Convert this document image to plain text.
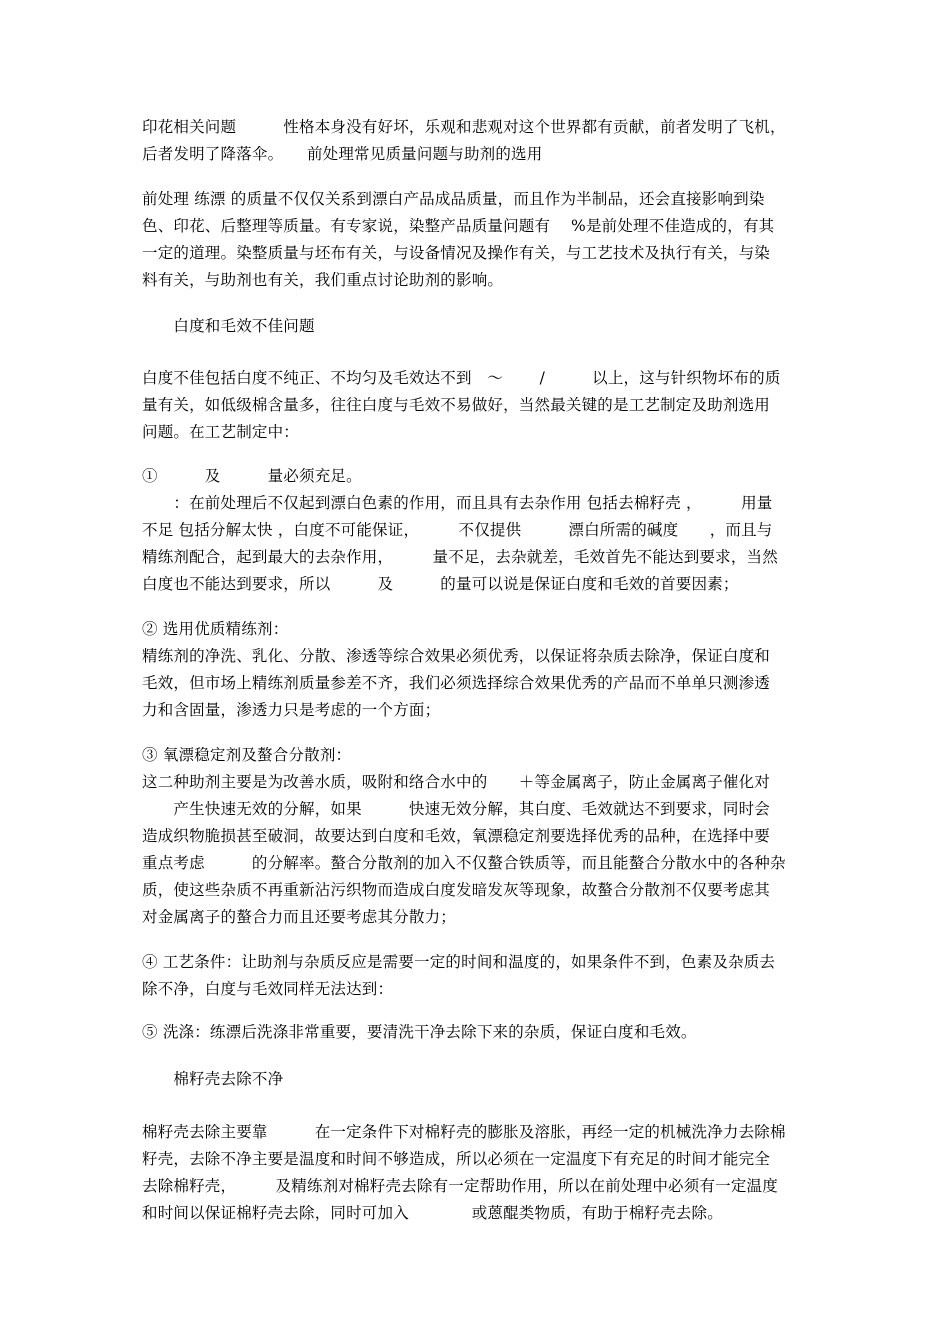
印花相关问题　　　性格本身没有好坏，乐观和悲观对这个世界都有贡献，前者发明了飞机，
后者发明了降落伞。　　前处理常见质量问题与助剂的选用
前处理 练漂 的质量不仅仅关系到漂白产品成品质量，而且作为半制品，还会直接影响到染
色、印花、后整理等质量。有专家说，染整产品质量问题有　 %是前处理不佳造成的，有其
一定的道理。染整质量与坯布有关，与设备情况及操作有关，与工艺技术及执行有关，与染
料有关，与助剂也有关，我们重点讨论助剂的影响。
　　白度和毛效不佳问题
白度不佳包括白度不纯正、不均匀及毛效达不到　～　　 /　　　以上，这与针织物坏布的质
量有关，如低级棉含量多，往往白度与毛效不易做好，当然最关键的是工艺制定及助剂选用
问题。在工艺制定中：
①　　　及　　　量必须充足。
　　：在前处理后不仅起到漂白色素的作用，而且具有去杂作用 包括去棉籽壳 ，　　　用量
不足 包括分解太快 ，白度不可能保证，　　　不仅提供　　　漂白所需的碱度　　，而且与
精练剂配合，起到最大的去杂作用，　　　量不足，去杂就差，毛效首先不能达到要求，当然
白度也不能达到要求，所以　　　及　　　的量可以说是保证白度和毛效的首要因素；
② 选用优质精练剂：
精练剂的净洗、乳化、分散、渗透等综合效果必须优秀，以保证将杂质去除净，保证白度和
毛效，但市场上精练剂质量参差不齐，我们必须选择综合效果优秀的产品而不单单只测渗透
力和含固量，渗透力只是考虑的一个方面；
③ 氧漂稳定剂及螯合分散剂：
这二种助剂主要是为改善水质，吸附和络合水中的　　＋等金属离子，防止金属离子催化对
　　产生快速无效的分解，如果　　　快速无效分解，其白度、毛效就达不到要求，同时会
造成织物脆损甚至破洞，故要达到白度和毛效，氧漂稳定剂要选择优秀的品种，在选择中要
重点考虑　　　的分解率。螯合分散剂的加入不仅螯合铁质等，而且能螯合分散水中的各种杂
质，使这些杂质不再重新沾污织物而造成白度发暗发灰等现象，故螯合分散剂不仅要考虑其
对金属离子的螯合力而且还要考虑其分散力；
④ 工艺条件：让助剂与杂质反应是需要一定的时间和温度的，如果条件不到，色素及杂质去
除不净，白度与毛效同样无法达到：
⑤ 洗涤：练漂后洗涤非常重要，要清洗干净去除下来的杂质，保证白度和毛效。
　　棉籽壳去除不净
棉籽壳去除主要靠　　　在一定条件下对棉籽壳的膨胀及溶胀，再经一定的机械洗净力去除棉
籽壳，去除不净主要是温度和时间不够造成，所以必须在一定温度下有充足的时间才能完全
去除棉籽壳，　　　及精练剂对棉籽壳去除有一定帮助作用，所以在前处理中必须有一定温度
和时间以保证棉籽壳去除，同时可加入　　　　或蒽醌类物质，有助于棉籽壳去除。
